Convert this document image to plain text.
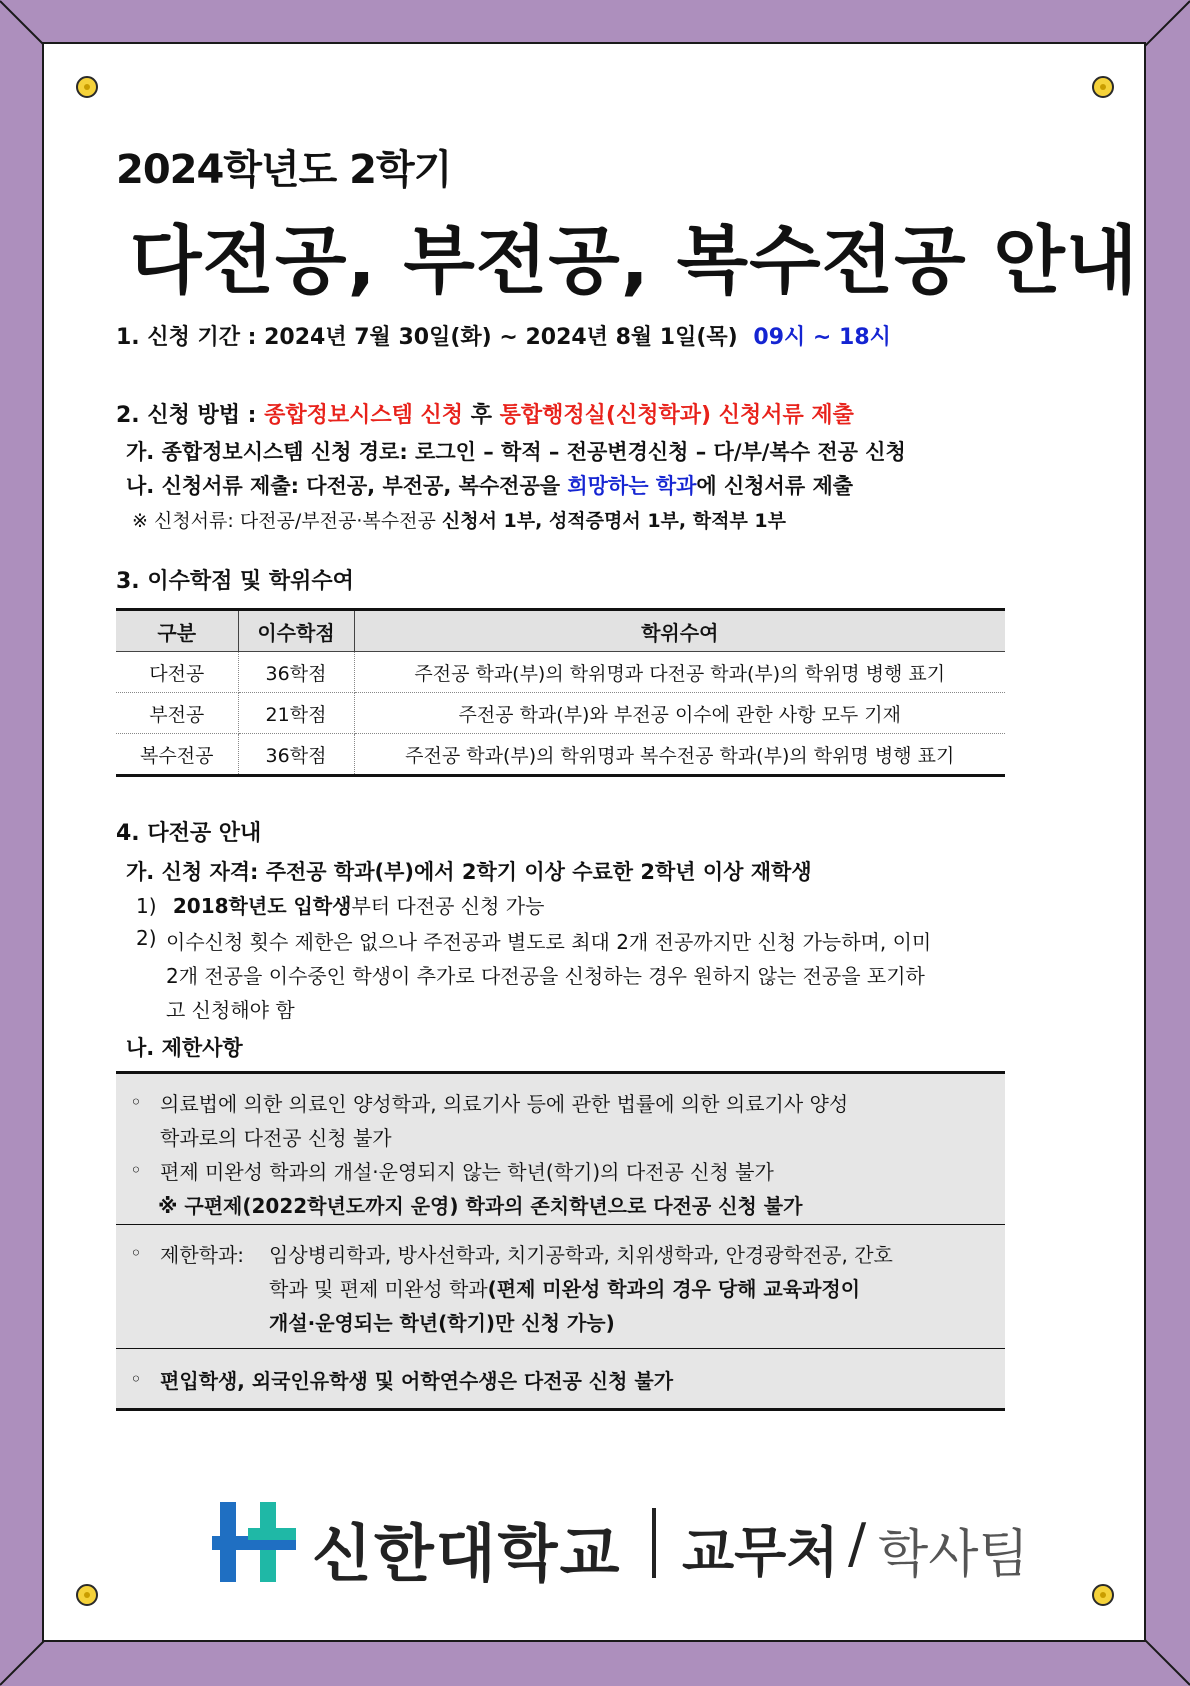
2024학년도 2학기
다전공, 부전공, 복수전공 안내
1. 신청 기간 : 2024년 7월 30일(화) ~ 2024년 8월 1일(목) 09시 ~ 18시
2. 신청 방법 : 종합정보시스템 신청 후 통합행정실(신청학과) 신청서류 제출
가. 종합정보시스템 신청 경로: 로그인 – 학적 – 전공변경신청 – 다/부/복수 전공 신청
나. 신청서류 제출: 다전공, 부전공, 복수전공을 희망하는 학과에 신청서류 제출
※ 신청서류: 다전공/부전공·복수전공 신청서 1부, 성적증명서 1부, 학적부 1부
3. 이수학점 및 학위수여
구분	이수학점	학위수여
다전공	36학점	주전공 학과(부)의 학위명과 다전공 학과(부)의 학위명 병행 표기
부전공	21학점	주전공 학과(부)와 부전공 이수에 관한 사항 모두 기재
복수전공	36학점	주전공 학과(부)의 학위명과 복수전공 학과(부)의 학위명 병행 표기
4. 다전공 안내
가. 신청 자격: 주전공 학과(부)에서 2학기 이상 수료한 2학년 이상 재학생
1) 2018학년도 입학생부터 다전공 신청 가능
2) 이수신청 횟수 제한은 없으나 주전공과 별도로 최대 2개 전공까지만 신청 가능하며, 이미
2개 전공을 이수중인 학생이 추가로 다전공을 신청하는 경우 원하지 않는 전공을 포기하
고 신청해야 함
나. 제한사항
◦ 의료법에 의한 의료인 양성학과, 의료기사 등에 관한 법률에 의한 의료기사 양성
학과로의 다전공 신청 불가
◦ 편제 미완성 학과의 개설·운영되지 않는 학년(학기)의 다전공 신청 불가
※ 구편제(2022학년도까지 운영) 학과의 존치학년으로 다전공 신청 불가
◦ 제한학과: 임상병리학과, 방사선학과, 치기공학과, 치위생학과, 안경광학전공, 간호
학과 및 편제 미완성 학과(편제 미완성 학과의 경우 당해 교육과정이
개설·운영되는 학년(학기)만 신청 가능)
◦ 편입학생, 외국인유학생 및 어학연수생은 다전공 신청 불가
신한대학교 교무처 / 학사팀
